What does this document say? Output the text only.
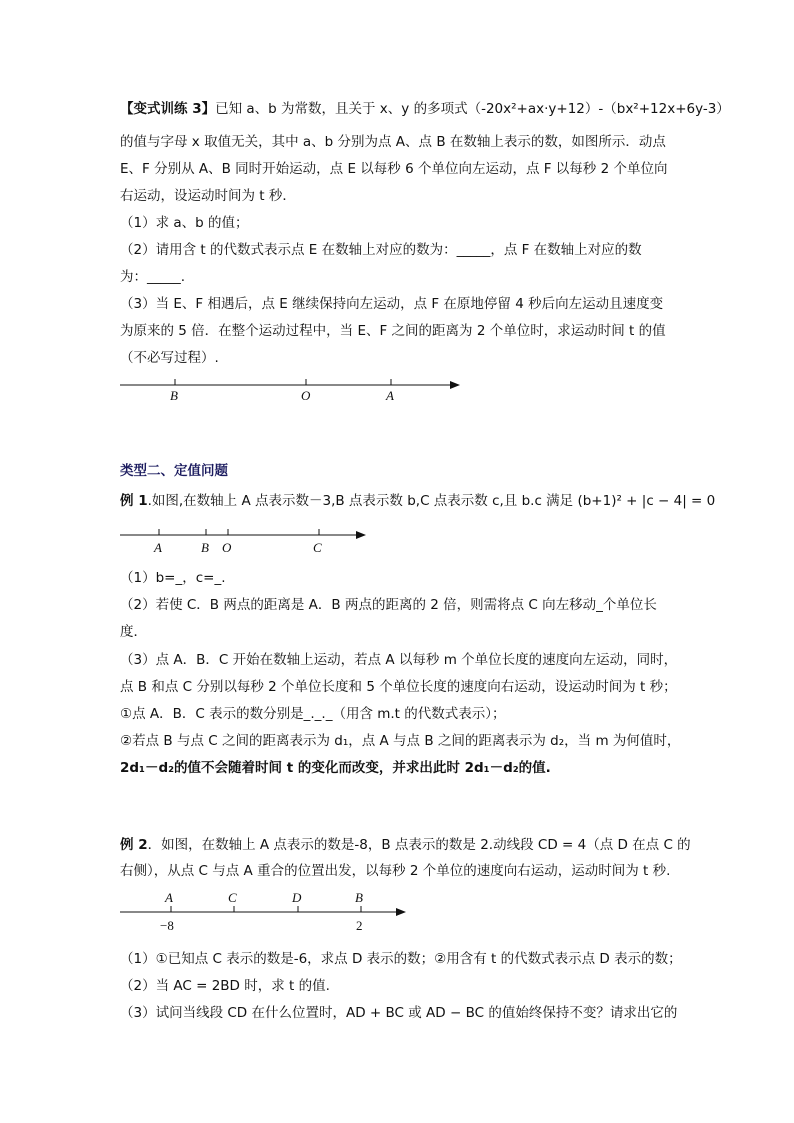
【变式训练 3】已知 a、b 为常数，且关于 x、y 的多项式（-20x²+ax·y+12）-（bx²+12x+6y-3）
的值与字母 x 取值无关，其中 a、b 分别为点 A、点 B 在数轴上表示的数，如图所示．动点
E、F 分别从 A、B 同时开始运动，点 E 以每秒 6 个单位向左运动，点 F 以每秒 2 个单位向
右运动，设运动时间为 t 秒．
（1）求 a、b 的值；
（2）请用含 t 的代数式表示点 E 在数轴上对应的数为：_____，点 F 在数轴上对应的数
为：_____.
（3）当 E、F 相遇后，点 E 继续保持向左运动，点 F 在原地停留 4 秒后向左运动且速度变
为原来的 5 倍．在整个运动过程中，当 E、F 之间的距离为 2 个单位时，求运动时间 t 的值
（不必写过程）.
B	O	A
A	B O	C
A	C	D	B
−8	2
类型二、定值问题
例 1.如图,在数轴上 A 点表示数－3,B 点表示数 b,C 点表示数 c,且 b.c 满足 (b+1)² + |c − 4| = 0
（1）b=_，c=_.
（2）若使 C．B 两点的距离是 A．B 两点的距离的 2 倍，则需将点 C 向左移动_个单位长
度．
（3）点 A．B．C 开始在数轴上运动，若点 A 以每秒 m 个单位长度的速度向左运动，同时，
点 B 和点 C 分别以每秒 2 个单位长度和 5 个单位长度的速度向右运动，设运动时间为 t 秒；
①点 A．B．C 表示的数分别是_._._（用含 m.t 的代数式表示）；
②若点 B 与点 C 之间的距离表示为 d₁，点 A 与点 B 之间的距离表示为 d₂，当 m 为何值时，
2d₁－d₂的值不会随着时间 t 的变化而改变，并求出此时 2d₁－d₂的值.
例 2．如图，在数轴上 A 点表示的数是-8，B 点表示的数是 2.动线段 CD = 4（点 D 在点 C 的
右侧），从点 C 与点 A 重合的位置出发，以每秒 2 个单位的速度向右运动，运动时间为 t 秒.
（1）①已知点 C 表示的数是-6，求点 D 表示的数；②用含有 t 的代数式表示点 D 表示的数；
（2）当 AC = 2BD 时，求 t 的值.
（3）试问当线段 CD 在什么位置时，AD + BC 或 AD − BC 的值始终保持不变？请求出它的
